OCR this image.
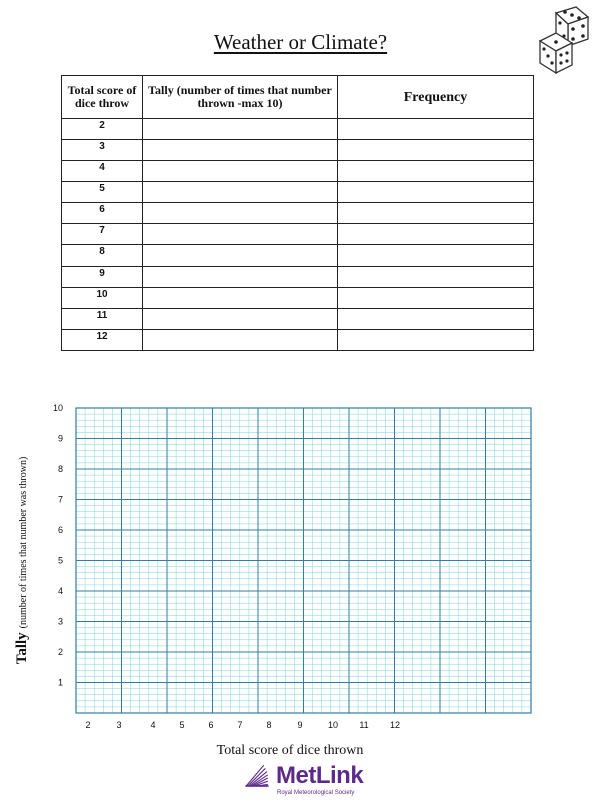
Weather or Climate?
Total score of dice throw	Tally (number of times that number thrown -max 10)	Frequency
2		
3		
4		
5		
6		
7		
8		
9		
10		
11		
12		
1
2
3
4
5
6
7
8
9
10
2	3	4	5	6	7	8	9	10 11 12
Total score of dice thrown
Tally(number of times that number was thrown)
MetLink
Royal Meteorological Society
